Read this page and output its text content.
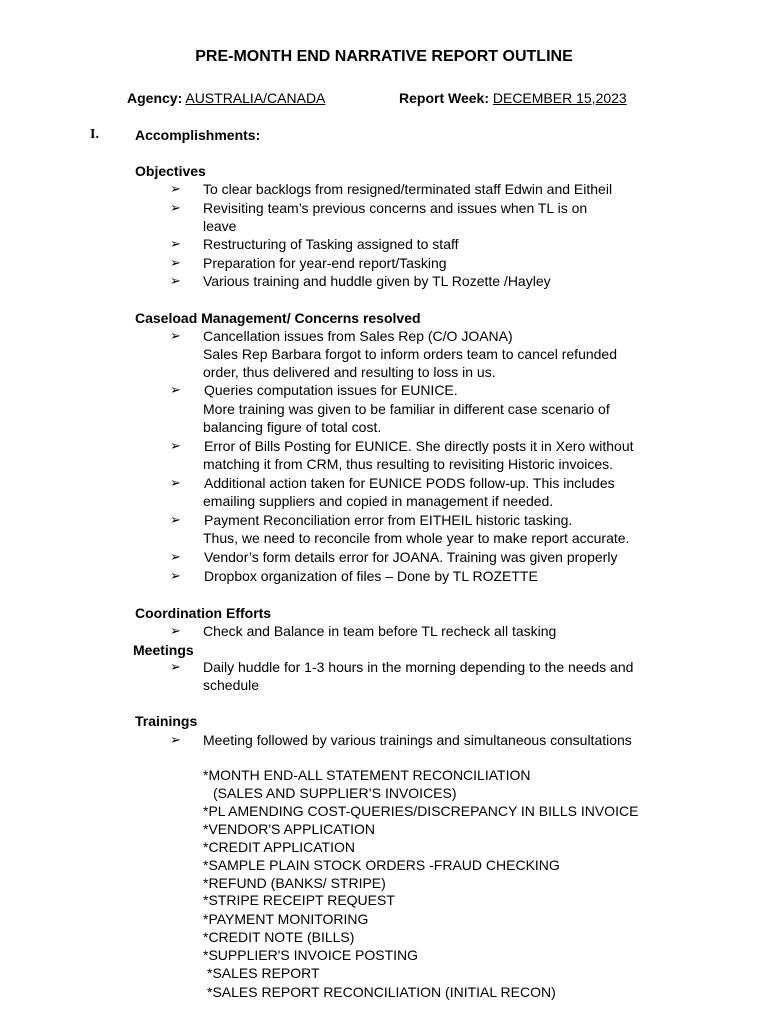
PRE-MONTH END NARRATIVE REPORT OUTLINE
Agency: AUSTRALIA/CANADA	Report Week: DECEMBER 15,2023
I.	Accomplishments:
Objectives
➢ To clear backlogs from resigned/terminated staff Edwin and Eitheil
➢ Revisiting team’s previous concerns and issues when TL is on
leave
➢ Restructuring of Tasking assigned to staff
➢ Preparation for year-end report/Tasking
➢ Various training and huddle given by TL Rozette /Hayley
Caseload Management/ Concerns resolved
➢ Cancellation issues from Sales Rep (C/O JOANA)
Sales Rep Barbara forgot to inform orders team to cancel refunded
order, thus delivered and resulting to loss in us.
➢ Queries computation issues for EUNICE.
More training was given to be familiar in different case scenario of
balancing figure of total cost.
➢ Error of Bills Posting for EUNICE. She directly posts it in Xero without
matching it from CRM, thus resulting to revisiting Historic invoices.
➢ Additional action taken for EUNICE PODS follow-up. This includes
emailing suppliers and copied in management if needed.
➢ Payment Reconciliation error from EITHEIL historic tasking.
Thus, we need to reconcile from whole year to make report accurate.
➢ Vendor’s form details error for JOANA. Training was given properly
➢ Dropbox organization of files – Done by TL ROZETTE
Coordination Efforts
➢ Check and Balance in team before TL recheck all tasking
Meetings
➢ Daily huddle for 1-3 hours in the morning depending to the needs and
schedule
Trainings
➢ Meeting followed by various trainings and simultaneous consultations
*MONTH END-ALL STATEMENT RECONCILIATION
(SALES AND SUPPLIER’S INVOICES)
*PL AMENDING COST-QUERIES/DISCREPANCY IN BILLS INVOICE
*VENDOR'S APPLICATION
*CREDIT APPLICATION
*SAMPLE PLAIN STOCK ORDERS -FRAUD CHECKING
*REFUND (BANKS/ STRIPE)
*STRIPE RECEIPT REQUEST
*PAYMENT MONITORING
*CREDIT NOTE (BILLS)
*SUPPLIER'S INVOICE POSTING
*SALES REPORT
*SALES REPORT RECONCILIATION (INITIAL RECON)
